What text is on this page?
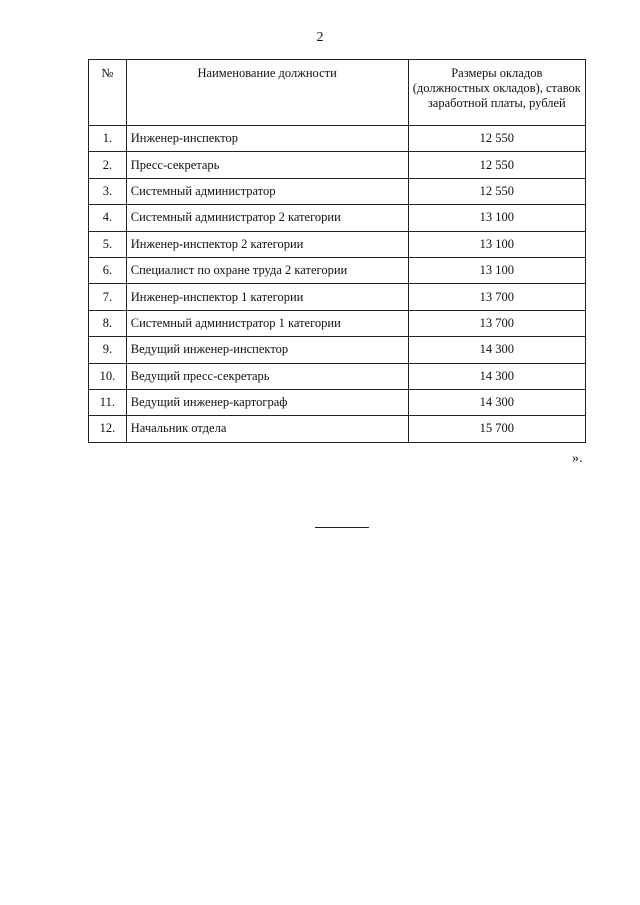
2
№	Наименование должности	Размеры окладов (должностных окладов), ставок заработной платы, рублей
1.	Инженер-инспектор	12 550
2.	Пресс-секретарь	12 550
3.	Системный администратор	12 550
4.	Системный администратор 2 категории	13 100
5.	Инженер-инспектор 2 категории	13 100
6.	Специалист по охране труда 2 категории	13 100
7.	Инженер-инспектор 1 категории	13 700
8.	Системный администратор 1 категории	13 700
9.	Ведущий инженер-инспектор	14 300
10.	Ведущий пресс-секретарь	14 300
11.	Ведущий инженер-картограф	14 300
12.	Начальник отдела	15 700
».
